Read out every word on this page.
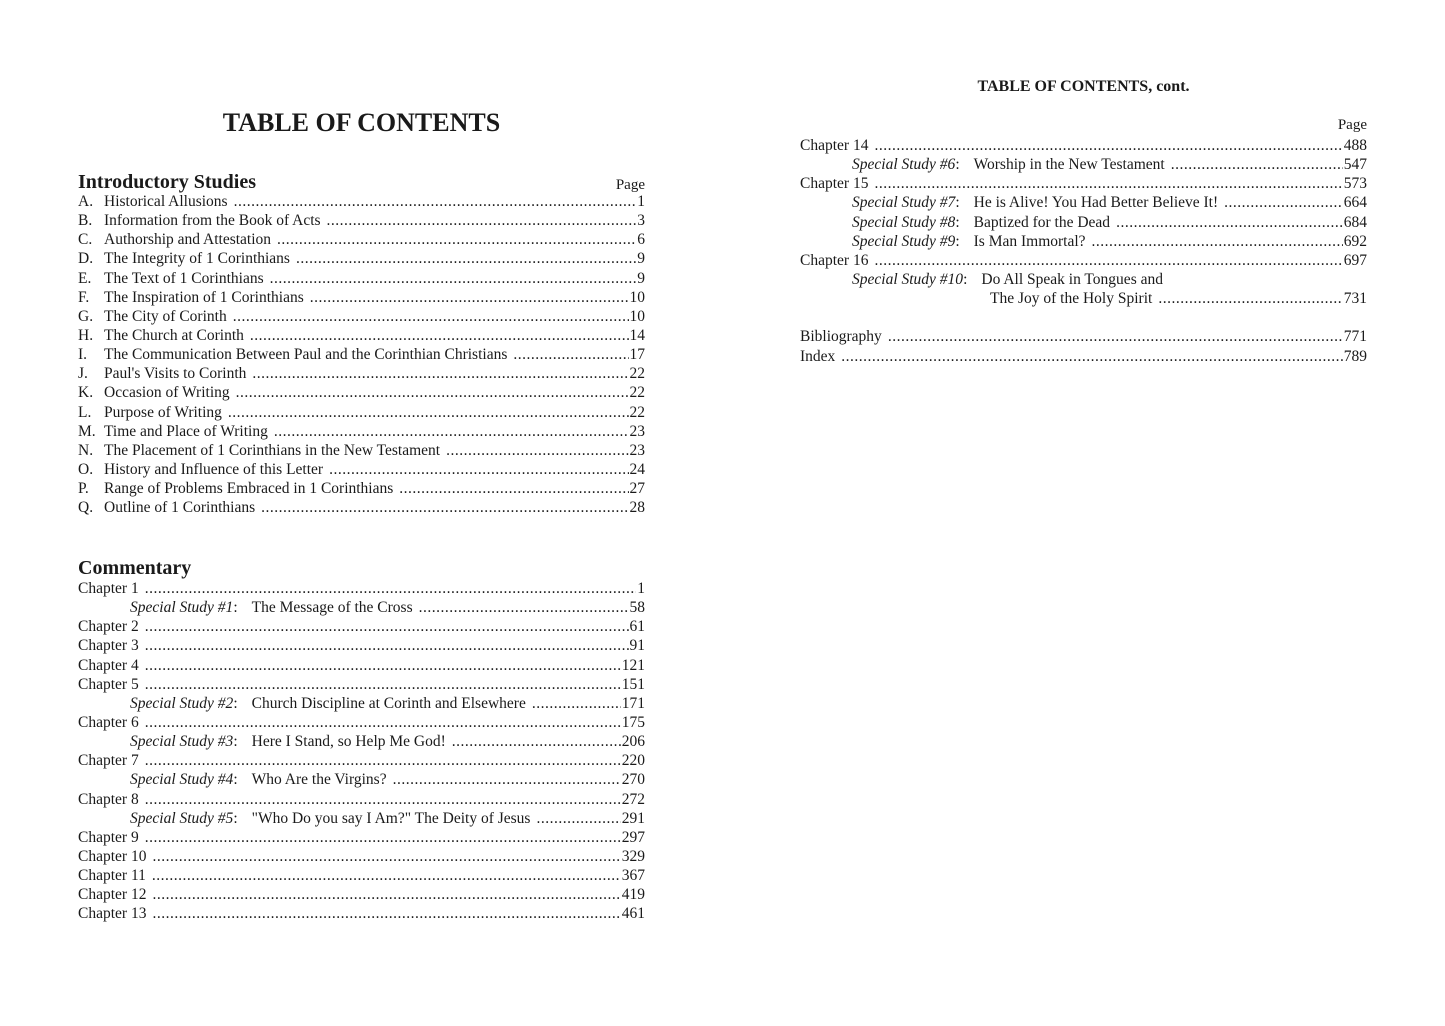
TABLE OF CONTENTS
Introductory Studies	Page
A. Historical Allusions .....	1
B. Information from the Book of Acts .....	3
C. Authorship and Attestation .....	6
D. The Integrity of 1 Corinthians .....	9
E. The Text of 1 Corinthians .....	9
F. The Inspiration of 1 Corinthians .....	10
G. The City of Corinth .....	10
H. The Church at Corinth .....	14
I.	The Communication Between Paul and the Corinthian Christians .....	17
J.	Paul's Visits to Corinth .....	22
K. Occasion of Writing .....	22
L. Purpose of Writing .....	22
M. Time and Place of Writing .....	23
N. The Placement of 1 Corinthians in the New Testament .....	23
O. History and Influence of this Letter .....	24
P. Range of Problems Embraced in 1 Corinthians .....	27
Q. Outline of 1 Corinthians .....	28
Commentary
Chapter 1 .....	1
Special Study #1 : The Message of the Cross .....	58
Chapter 2 .....	61
Chapter 3 .....	91
Chapter 4 .....	121
Chapter 5 .....	151
Special Study #2 : Church Discipline at Corinth and Elsewhere .....	171
Chapter 6 .....	175
Special Study #3 : Here I Stand, so Help Me God! .....	206
Chapter 7 .....	220
Special Study #4 : Who Are the Virgins? .....	270
Chapter 8 .....	272
Special Study #5 : "Who Do you say I Am?" The Deity of Jesus .....	291
Chapter 9 .....	297
Chapter 10 .....	329
Chapter 11 .....	367
Chapter 12 .....	419
Chapter 13 .....	461
TABLE OF CONTENTS, cont.
Page
Chapter 14 .....	488
Special Study #6 : Worship in the New Testament .....	547
Chapter 15 .....	573
Special Study #7 : He is Alive! You Had Better Believe It! .....	664
Special Study #8 : Baptized for the Dead .....	684
Special Study #9 : Is Man Immortal? .....	692
Chapter 16 .....	697
Special Study #10 : Do All Speak in Tongues and
The Joy of the Holy Spirit .....	731
Bibliography .....	771
Index .....	789
